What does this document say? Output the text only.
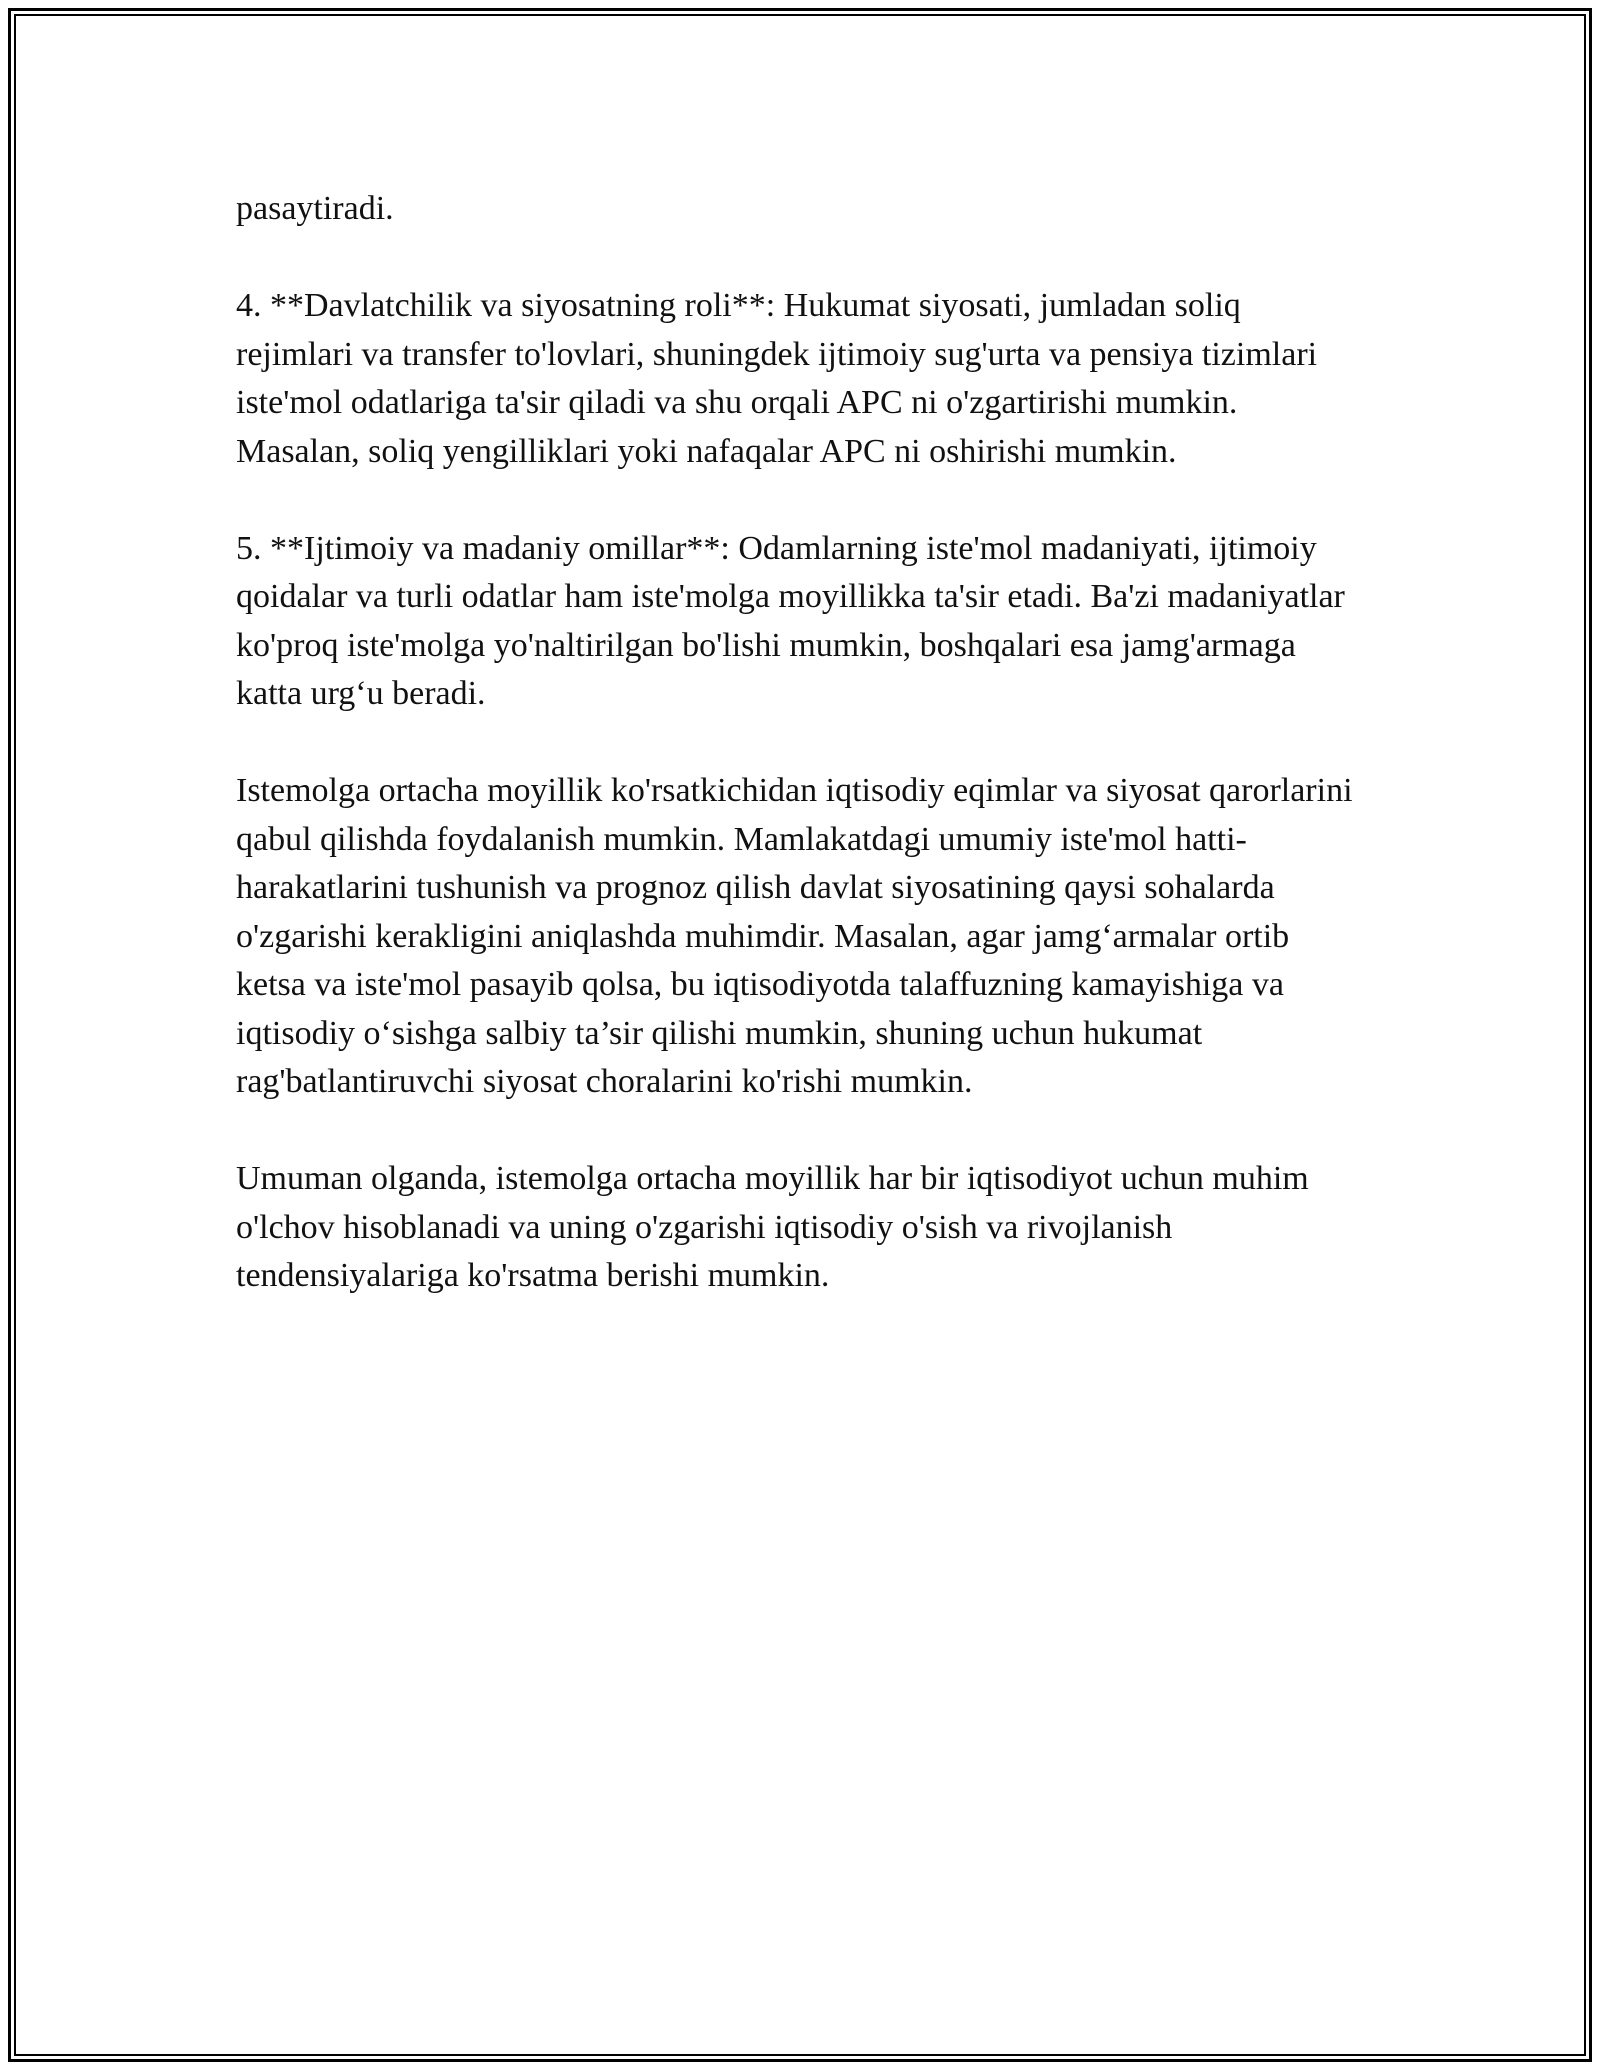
pasaytiradi.

4. **Davlatchilik va siyosatning roli**: Hukumat siyosati, jumladan soliq rejimlari va transfer to'lovlari, shuningdek ijtimoiy sug'urta va pensiya tizimlari iste'mol odatlariga ta'sir qiladi va shu orqali APC ni o'zgartirishi mumkin. Masalan, soliq yengilliklari yoki nafaqalar APC ni oshirishi mumkin.

5. **Ijtimoiy va madaniy omillar**: Odamlarning iste'mol madaniyati, ijtimoiy qoidalar va turli odatlar ham iste'molga moyillikka ta'sir etadi. Ba'zi madaniyatlar ko'proq iste'molga yo'naltirilgan bo'lishi mumkin, boshqalari esa jamg'armaga katta urg‘u beradi.

Istemolga ortacha moyillik ko'rsatkichidan iqtisodiy eqimlar va siyosat qarorlarini qabul qilishda foydalanish mumkin. Mamlakatdagi umumiy iste'mol hatti-harakatlarini tushunish va prognoz qilish davlat siyosatining qaysi sohalarda o'zgarishi kerakligini aniqlashda muhimdir. Masalan, agar jamg‘armalar ortib ketsa va iste'mol pasayib qolsa, bu iqtisodiyotda talaffuzning kamayishiga va iqtisodiy o‘sishga salbiy ta’sir qilishi mumkin, shuning uchun hukumat rag'batlantiruvchi siyosat choralarini ko'rishi mumkin.

Umuman olganda, istemolga ortacha moyillik har bir iqtisodiyot uchun muhim o'lchov hisoblanadi va uning o'zgarishi iqtisodiy o'sish va rivojlanish tendensiyalariga ko'rsatma berishi mumkin.
